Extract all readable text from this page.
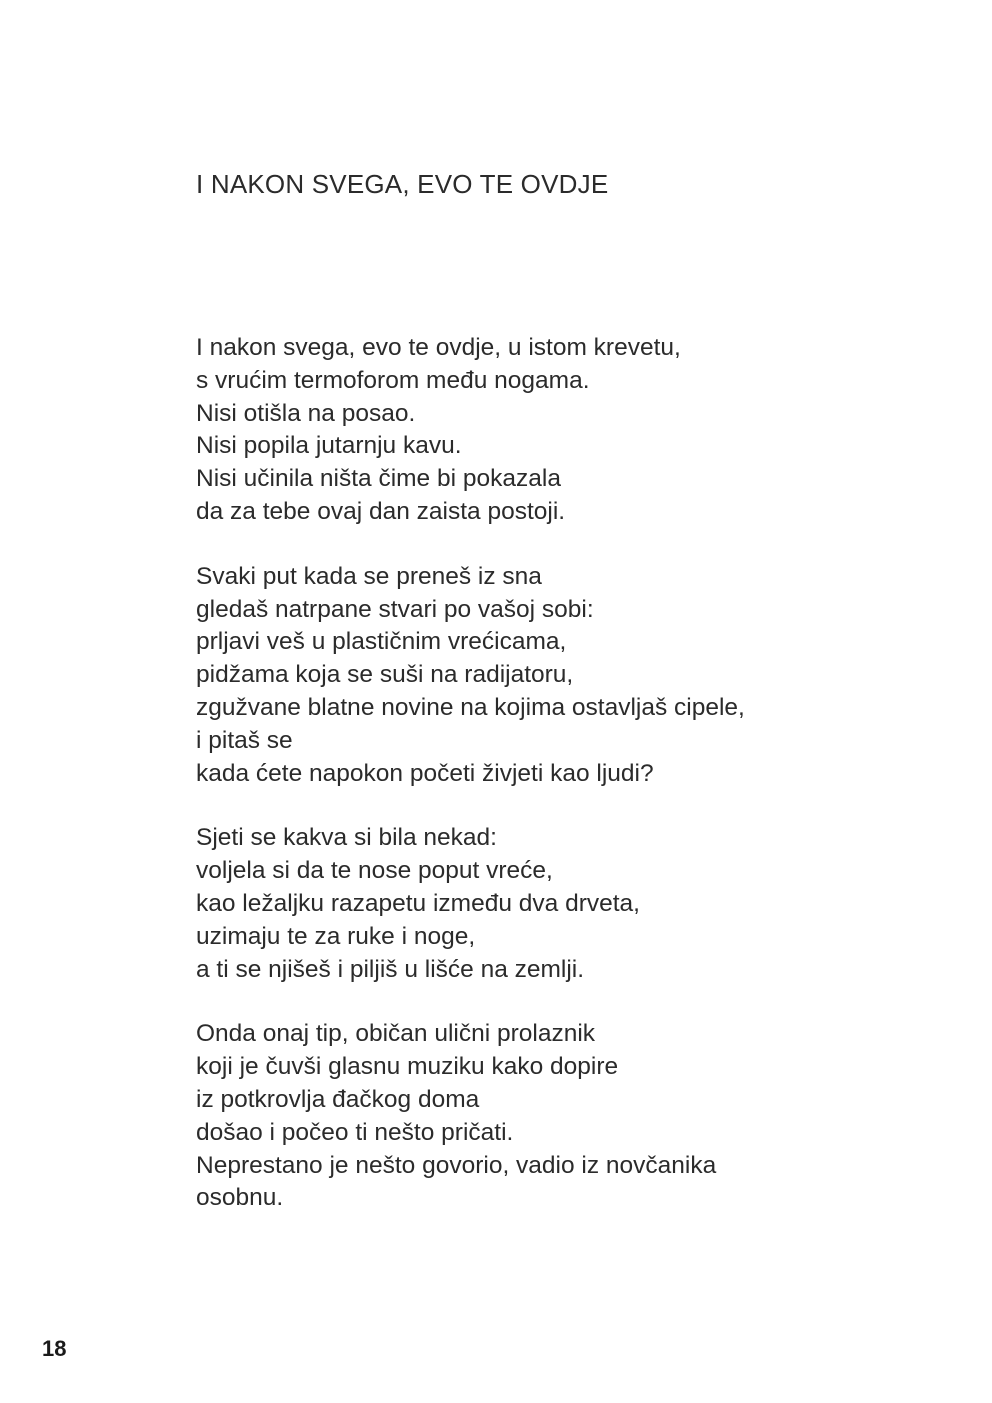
I NAKON SVEGA, EVO TE OVDJE
I nakon svega, evo te ovdje, u istom krevetu,
s vrućim termoforom među nogama.
Nisi otišla na posao.
Nisi popila jutarnju kavu.
Nisi učinila ništa čime bi pokazala
da za tebe ovaj dan zaista postoji.
Svaki put kada se preneš iz sna
gledaš natrpane stvari po vašoj sobi:
prljavi veš u plastičnim vrećicama,
pidžama koja se suši na radijatoru,
zgužvane blatne novine na kojima ostavljaš cipele,
i pitaš se
kada ćete napokon početi živjeti kao ljudi?
Sjeti se kakva si bila nekad:
voljela si da te nose poput vreće,
kao ležaljku razapetu između dva drveta,
uzimaju te za ruke i noge,
a ti se njišeš i piljiš u lišće na zemlji.
Onda onaj tip, običan ulični prolaznik
koji je čuvši glasnu muziku kako dopire
iz potkrovlja đačkog doma
došao i počeo ti nešto pričati.
Neprestano je nešto govorio, vadio iz novčanika
osobnu.
18
